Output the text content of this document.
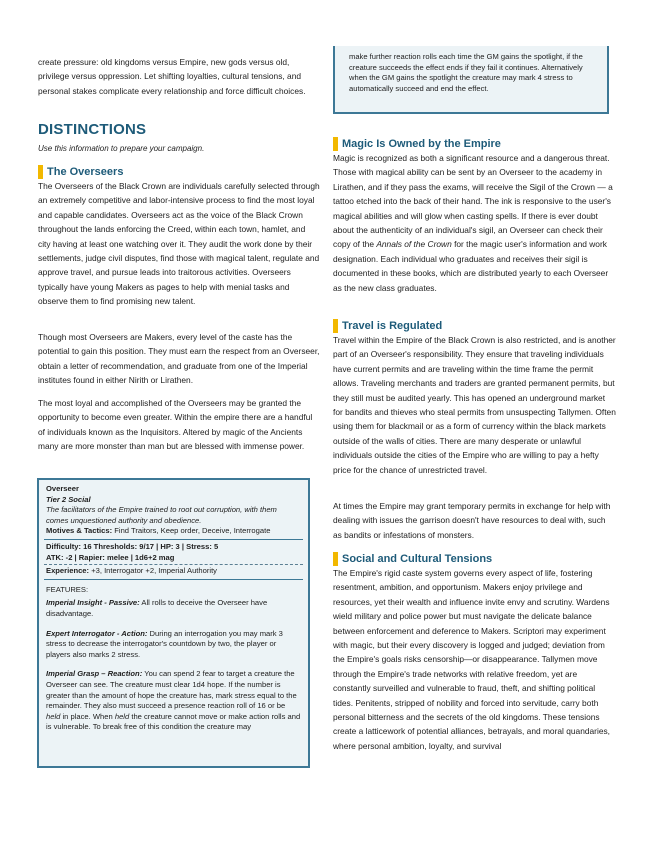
create pressure: old kingdoms versus Empire, new gods versus old, privilege versus oppression. Let shifting loyalties, cultural tensions, and personal stakes complicate every relationship and force difficult choices.

DISTINCTIONS

Use this information to prepare your campaign.

The Overseers

The Overseers of the Black Crown are individuals carefully selected through an extremely competitive and labor-intensive process to find the most loyal and capable candidates. Overseers act as the voice of the Black Crown throughout the lands enforcing the Creed, within each town, hamlet, and city having at least one watching over it. They audit the work done by their settlements, judge civil disputes, find those with magical talent, regulate and approve travel, and pursue leads into traitorous activities. Overseers typically have young Makers as pages to help with menial tasks and observe them to find promising new talent.

Though most Overseers are Makers, every level of the caste has the potential to gain this position. They must earn the respect from an Overseer, obtain a letter of recommendation, and graduate from one of the Imperial institutes found in either Nirith or Lirathen.

The most loyal and accomplished of the Overseers may be granted the opportunity to become even greater. Within the empire there are a handful of individuals known as the Inquisitors. Altered by magic of the Ancients many are more monster than man but are blessed with immense power.

Overseer

Tier 2 Social

The facilitators of the Empire trained to root out corruption, with them comes unquestioned authority and obedience.

Motives & Tactics: Find Traitors, Keep order, Deceive, Interrogate

Difficulty: 16 Thresholds: 9/17 | HP: 3 | Stress: 5

ATK: -2 | Rapier: melee | 1d6+2 mag

Experience: +3, Interrogator +2, Imperial Authority

FEATURES:

Imperial Insight - Passive: All rolls to deceive the Overseer have disadvantage.

Expert Interrogator - Action: During an interrogation you may mark 3 stress to decrease the interrogator's countdown by two, the player or players also marks 2 stress.

Imperial Grasp – Reaction: You can spend 2 fear to target a creature the Overseer can see. The creature must clear 1d4 hope. If the number is greater than the amount of hope the creature has, mark stress equal to the remainder. They also must succeed a presence reaction roll of 16 or be held in place. When held the creature cannot move or make action rolls and is vulnerable. To break free of this condition the creature may

make further reaction rolls each time the GM gains the spotlight, if the creature succeeds the effect ends if they fail it continues. Alternatively when the GM gains the spotlight the creature may mark 4 stress to automatically succeed and end the effect.

Magic Is Owned by the Empire

Magic is recognized as both a significant resource and a dangerous threat. Those with magical ability can be sent by an Overseer to the academy in Lirathen, and if they pass the exams, will receive the Sigil of the Crown — a tattoo etched into the back of their hand. The ink is responsive to the user's magical abilities and will glow when casting spells. If there is ever doubt about the authenticity of an individual's sigil, an Overseer can check their copy of the Annals of the Crown for the magic user's information and work designation. Each individual who graduates and receives their sigil is documented in these books, which are distributed yearly to each Overseer as the new class graduates.

Travel is Regulated

Travel within the Empire of the Black Crown is also restricted, and is another part of an Overseer's responsibility. They ensure that traveling individuals have current permits and are traveling within the time frame the permit allows. Traveling merchants and traders are granted permanent permits, but they still must be audited yearly. This has opened an underground market for bandits and thieves who steal permits from unsuspecting Tallymen. Often using them for blackmail or as a form of currency within the black markets outside of the walls of cities. There are many desperate or unlawful individuals outside the cities of the Empire who are willing to pay a hefty price for the chance of unrestricted travel.

At times the Empire may grant temporary permits in exchange for help with dealing with issues the garrison doesn't have resources to deal with, such as bandits or infestations of monsters.

Social and Cultural Tensions

The Empire's rigid caste system governs every aspect of life, fostering resentment, ambition, and opportunism. Makers enjoy privilege and resources, yet their wealth and influence invite envy and scrutiny. Wardens wield military and police power but must navigate the delicate balance between enforcement and deference to Makers. Scriptori may experiment with magic, but their every discovery is logged and judged; deviation from the Empire's goals risks censorship—or disappearance. Tallymen move through the Empire's trade networks with relative freedom, yet are constantly surveilled and vulnerable to fraud, theft, and shifting political tides. Penitents, stripped of nobility and forced into servitude, carry both personal bitterness and the secrets of the old kingdoms. These tensions create a latticework of potential alliances, betrayals, and moral quandaries, where personal ambition, loyalty, and survival
